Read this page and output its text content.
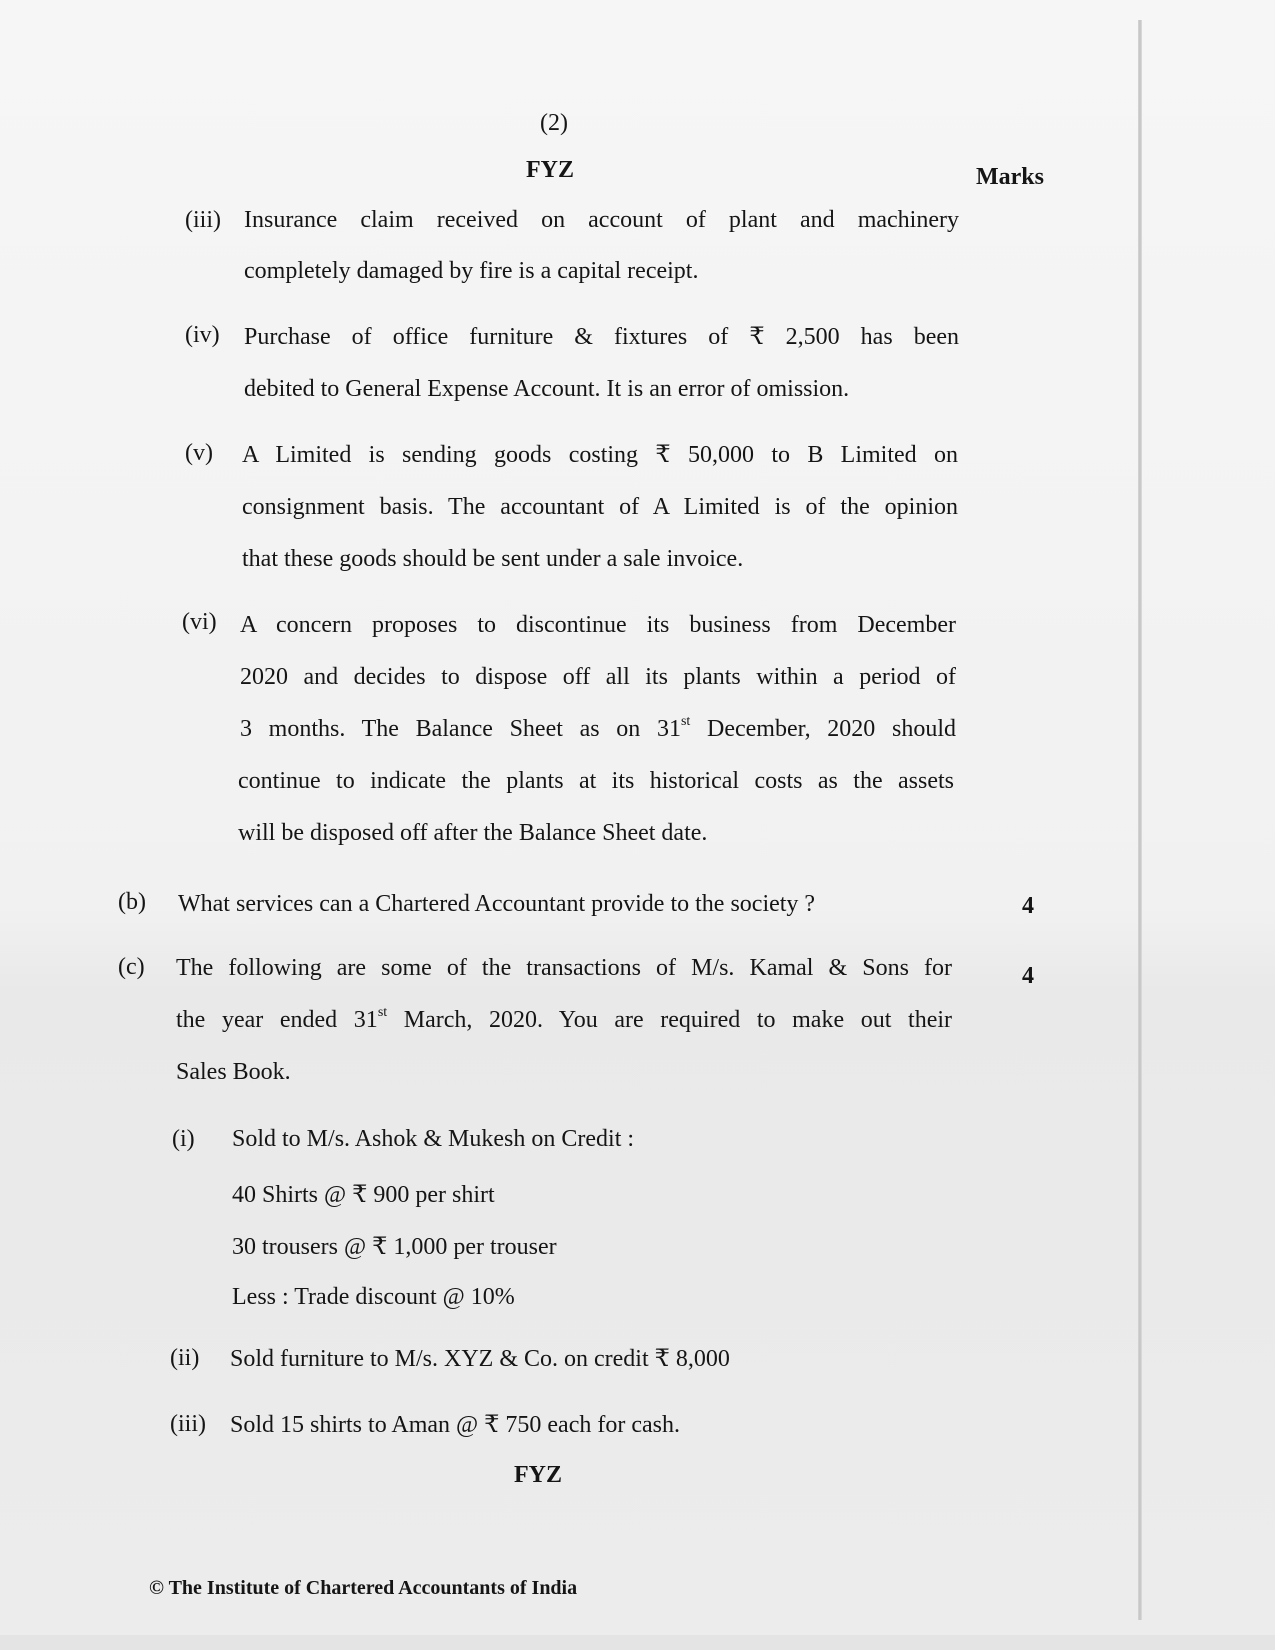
(2)
FYZ	Marks
(iii) Insurance claim received on account of plant and machinery
completely damaged by fire is a capital receipt.
(iv) Purchase of office furniture & fixtures of ₹ 2,500 has been
debited to General Expense Account. It is an error of omission.
(v) A Limited is sending goods costing ₹ 50,000 to B Limited on
consignment basis. The accountant of A Limited is of the opinion
that these goods should be sent under a sale invoice.
(vi) A concern proposes to discontinue its business from December
2020 and decides to dispose off all its plants within a period of
3 months. The Balance Sheet as on 31st December, 2020 should
continue to indicate the plants at its historical costs as the assets
will be disposed off after the Balance Sheet date.
(b) What services can a Chartered Accountant provide to the society ?	4
(c) The following are some of the transactions of M/s. Kamal & Sons for	4
the year ended 31st March, 2020. You are required to make out their
Sales Book.
(i) Sold to M/s. Ashok & Mukesh on Credit :
40 Shirts @ ₹ 900 per shirt
30 trousers @ ₹ 1,000 per trouser
Less : Trade discount @ 10%
(ii) Sold furniture to M/s. XYZ & Co. on credit ₹ 8,000
(iii) Sold 15 shirts to Aman @ ₹ 750 each for cash.
FYZ
© The Institute of Chartered Accountants of India
